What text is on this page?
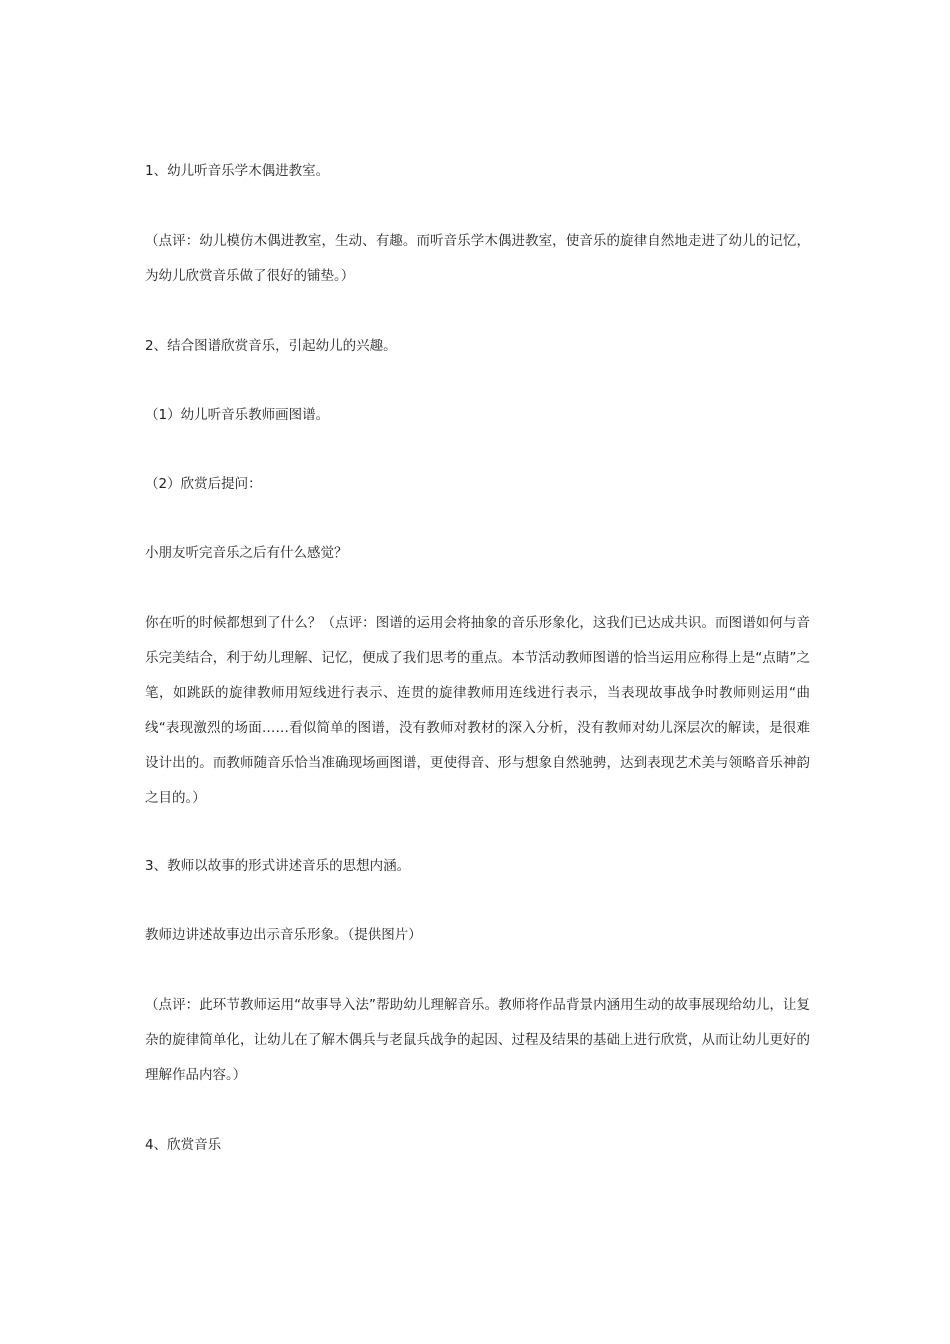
1、幼儿听音乐学木偶进教室。

（点评：幼儿模仿木偶进教室，生动、有趣。而听音乐学木偶进教室，使音乐的旋律自然地走进了幼儿的记忆，为幼儿欣赏音乐做了很好的铺垫。）

2、结合图谱欣赏音乐，引起幼儿的兴趣。

（1）幼儿听音乐教师画图谱。

（2）欣赏后提问：

小朋友听完音乐之后有什么感觉？

你在听的时候都想到了什么？（点评：图谱的运用会将抽象的音乐形象化，这我们已达成共识。而图谱如何与音乐完美结合，利于幼儿理解、记忆，便成了我们思考的重点。本节活动教师图谱的恰当运用应称得上是“点睛”之笔，如跳跃的旋律教师用短线进行表示、连贯的旋律教师用连线进行表示，当表现故事战争时教师则运用“曲线“表现激烈的场面……看似简单的图谱，没有教师对教材的深入分析，没有教师对幼儿深层次的解读，是很难设计出的。而教师随音乐恰当准确现场画图谱，更使得音、形与想象自然驰骋，达到表现艺术美与领略音乐神韵之目的。）

3、教师以故事的形式讲述音乐的思想内涵。

教师边讲述故事边出示音乐形象。（提供图片）

（点评：此环节教师运用“故事导入法”帮助幼儿理解音乐。教师将作品背景内涵用生动的故事展现给幼儿，让复杂的旋律简单化，让幼儿在了解木偶兵与老鼠兵战争的起因、过程及结果的基础上进行欣赏，从而让幼儿更好的理解作品内容。）

4、欣赏音乐
